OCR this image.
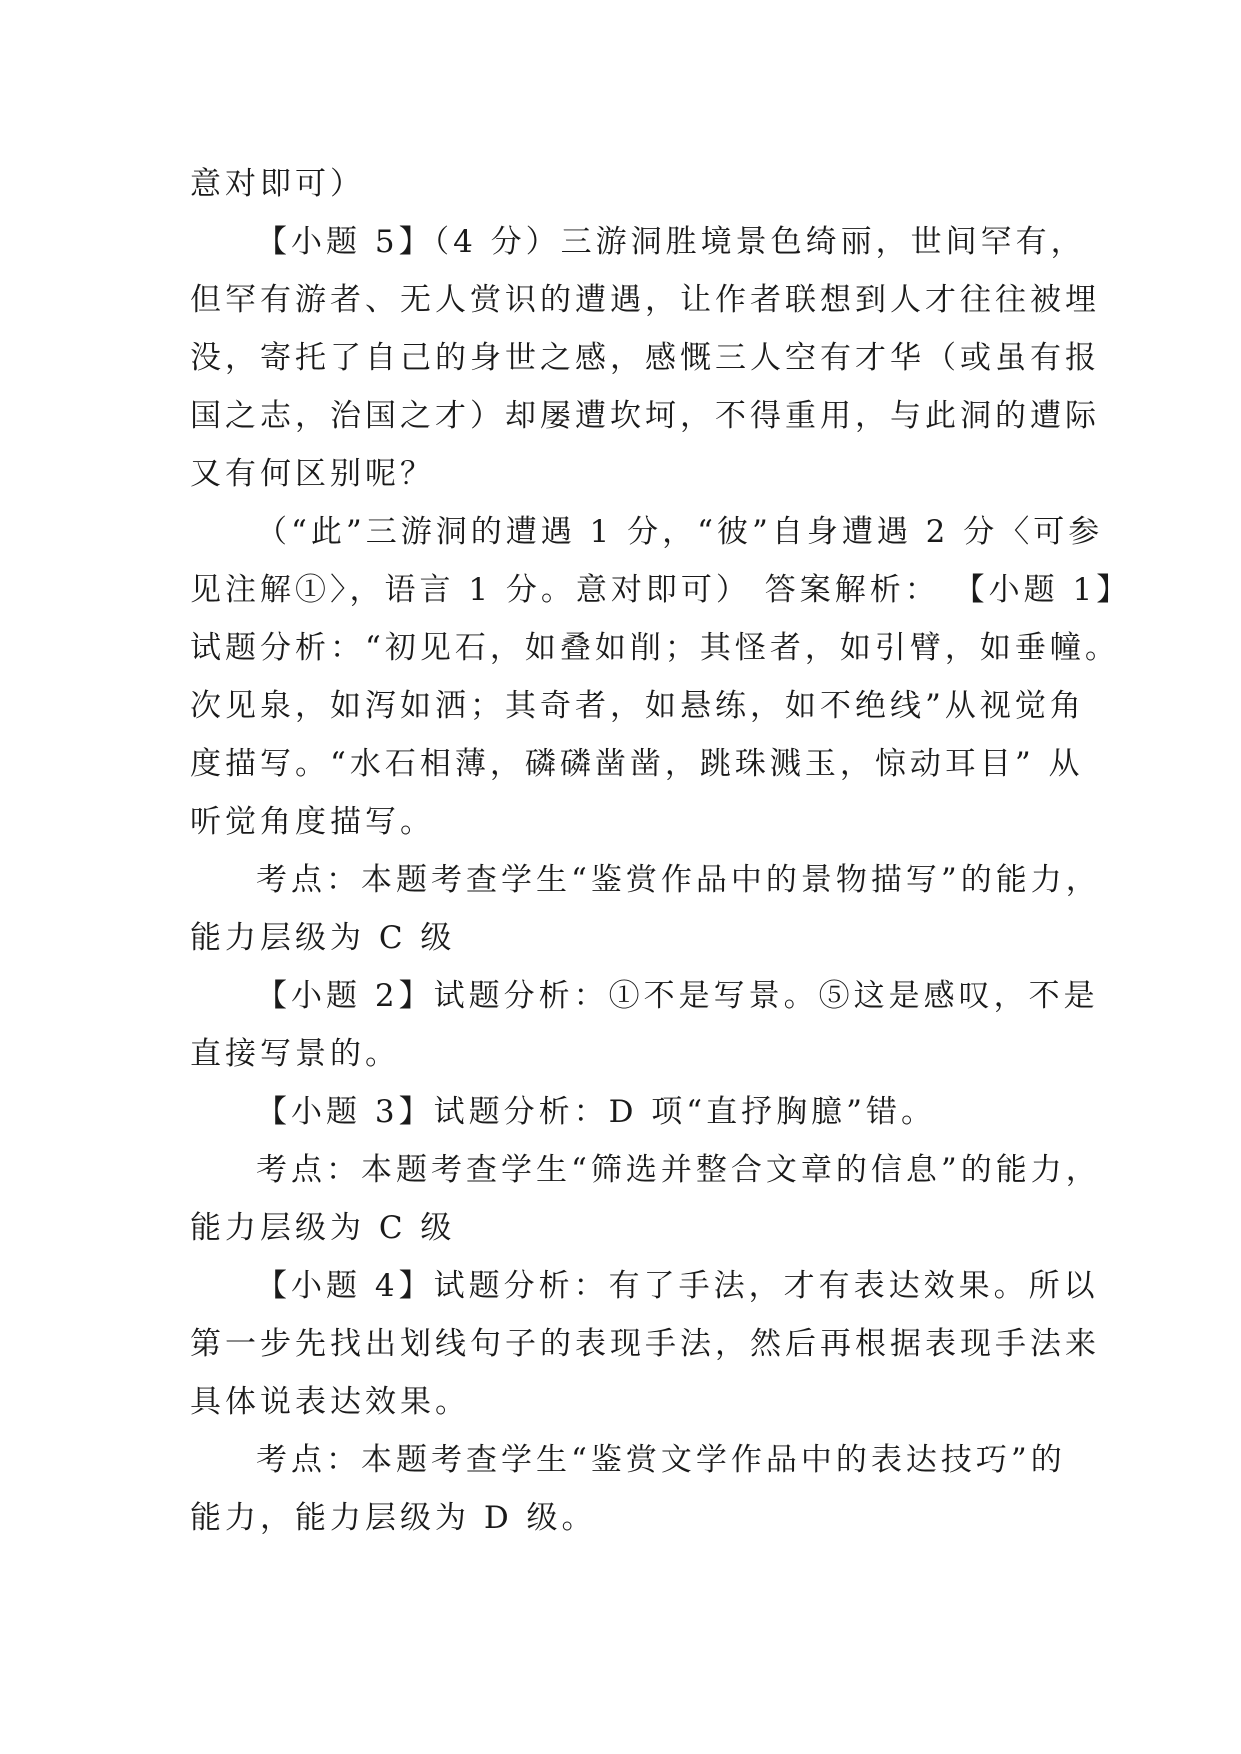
意对即可）
【小题 5】（4 分）三游洞胜境景色绮丽，世间罕有，
但罕有游者、无人赏识的遭遇，让作者联想到人才往往被埋
没，寄托了自己的身世之感，感慨三人空有才华（或虽有报
国之志，治国之才）却屡遭坎坷，不得重用，与此洞的遭际
又有何区别呢？
（“此”三游洞的遭遇 1 分，“彼”自身遭遇 2 分〈可参
见注解①〉，语言 1 分。意对即可） 答案解析： 【小题 1】
试题分析：“初见石，如叠如削；其怪者，如引臂，如垂幢。
次见泉，如泻如洒；其奇者，如悬练，如不绝线”从视觉角
度描写。“水石相薄，磷磷凿凿，跳珠溅玉，惊动耳目” 从
听觉角度描写。
考点：本题考查学生“鉴赏作品中的景物描写”的能力，
能力层级为 C 级
【小题 2】试题分析：①不是写景。⑤这是感叹，不是
直接写景的。
【小题 3】试题分析：D 项“直抒胸臆”错。
考点：本题考查学生“筛选并整合文章的信息”的能力，
能力层级为 C 级
【小题 4】试题分析：有了手法，才有表达效果。所以
第一步先找出划线句子的表现手法，然后再根据表现手法来
具体说表达效果。
考点：本题考查学生“鉴赏文学作品中的表达技巧”的
能力，能力层级为 D 级。
